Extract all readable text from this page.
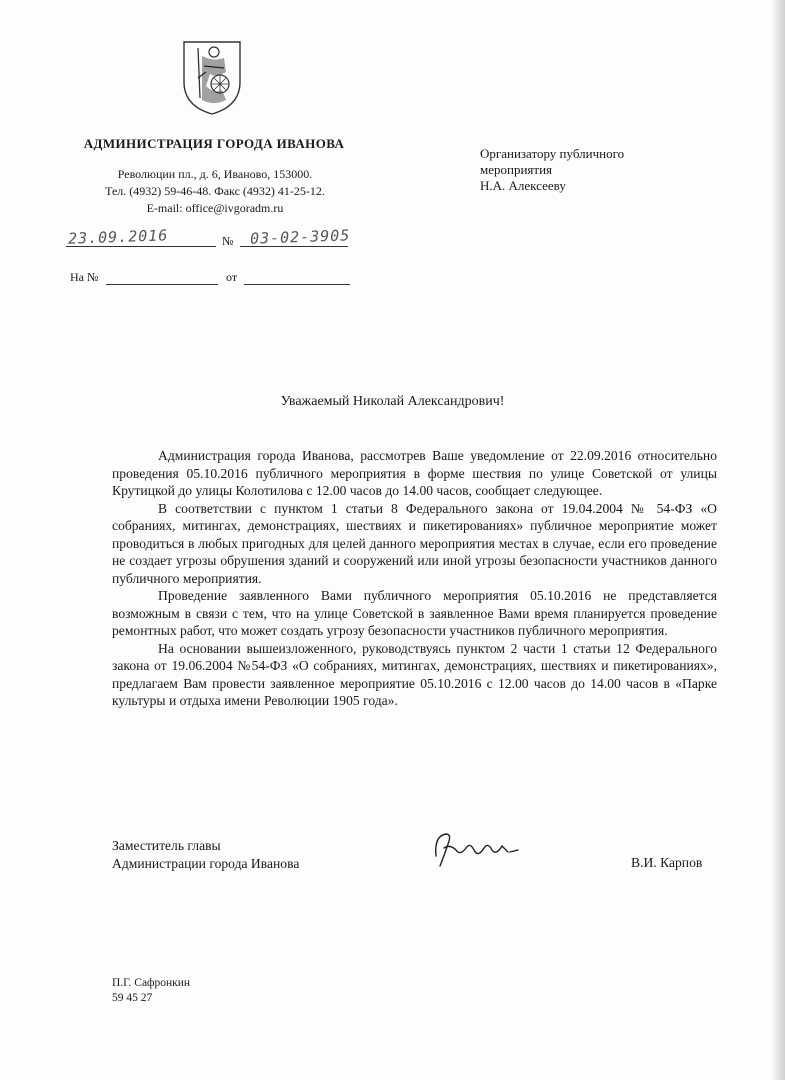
АДМИНИСТРАЦИЯ ГОРОДА ИВАНОВА
Революции пл., д. 6, Иваново, 153000.
Тел. (4932) 59-46-48. Факс (4932) 41-25-12.
E-mail: office@ivgoradm.ru
23.09.2016	№ 03-02-3905
На №	от
Организатору публичного
мероприятия
Н.А. Алексееву
Уважаемый Николай Александрович!

Администрация города Иванова, рассмотрев Ваше уведомление от 22.09.2016 относительно проведения 05.10.2016 публичного мероприятия в форме шествия по улице Советской от улицы Крутицкой до улицы Колотилова с 12.00 часов до 14.00 часов, сообщает следующее.

В соответствии с пунктом 1 статьи 8 Федерального закона от 19.04.2004 № 54-ФЗ «О собраниях, митингах, демонстрациях, шествиях и пикетированиях» публичное мероприятие может проводиться в любых пригодных для целей данного мероприятия местах в случае, если его проведение не создает угрозы обрушения зданий и сооружений или иной угрозы безопасности участников данного публичного мероприятия.

Проведение заявленного Вами публичного мероприятия 05.10.2016 не представляется возможным в связи с тем, что на улице Советской в заявленное Вами время планируется проведение ремонтных работ, что может создать угрозу безопасности участников публичного мероприятия.

На основании вышеизложенного, руководствуясь пунктом 2 части 1 статьи 12 Федерального закона от 19.06.2004 №54-ФЗ «О собраниях, митингах, демонстрациях, шествиях и пикетированиях», предлагаем Вам провести заявленное мероприятие 05.10.2016 с 12.00 часов до 14.00 часов в «Парке культуры и отдыха имени Революции 1905 года».

Заместитель главы
Администрации города Иванова	В.И. Карпов
П.Г. Сафронкин
59 45 27
